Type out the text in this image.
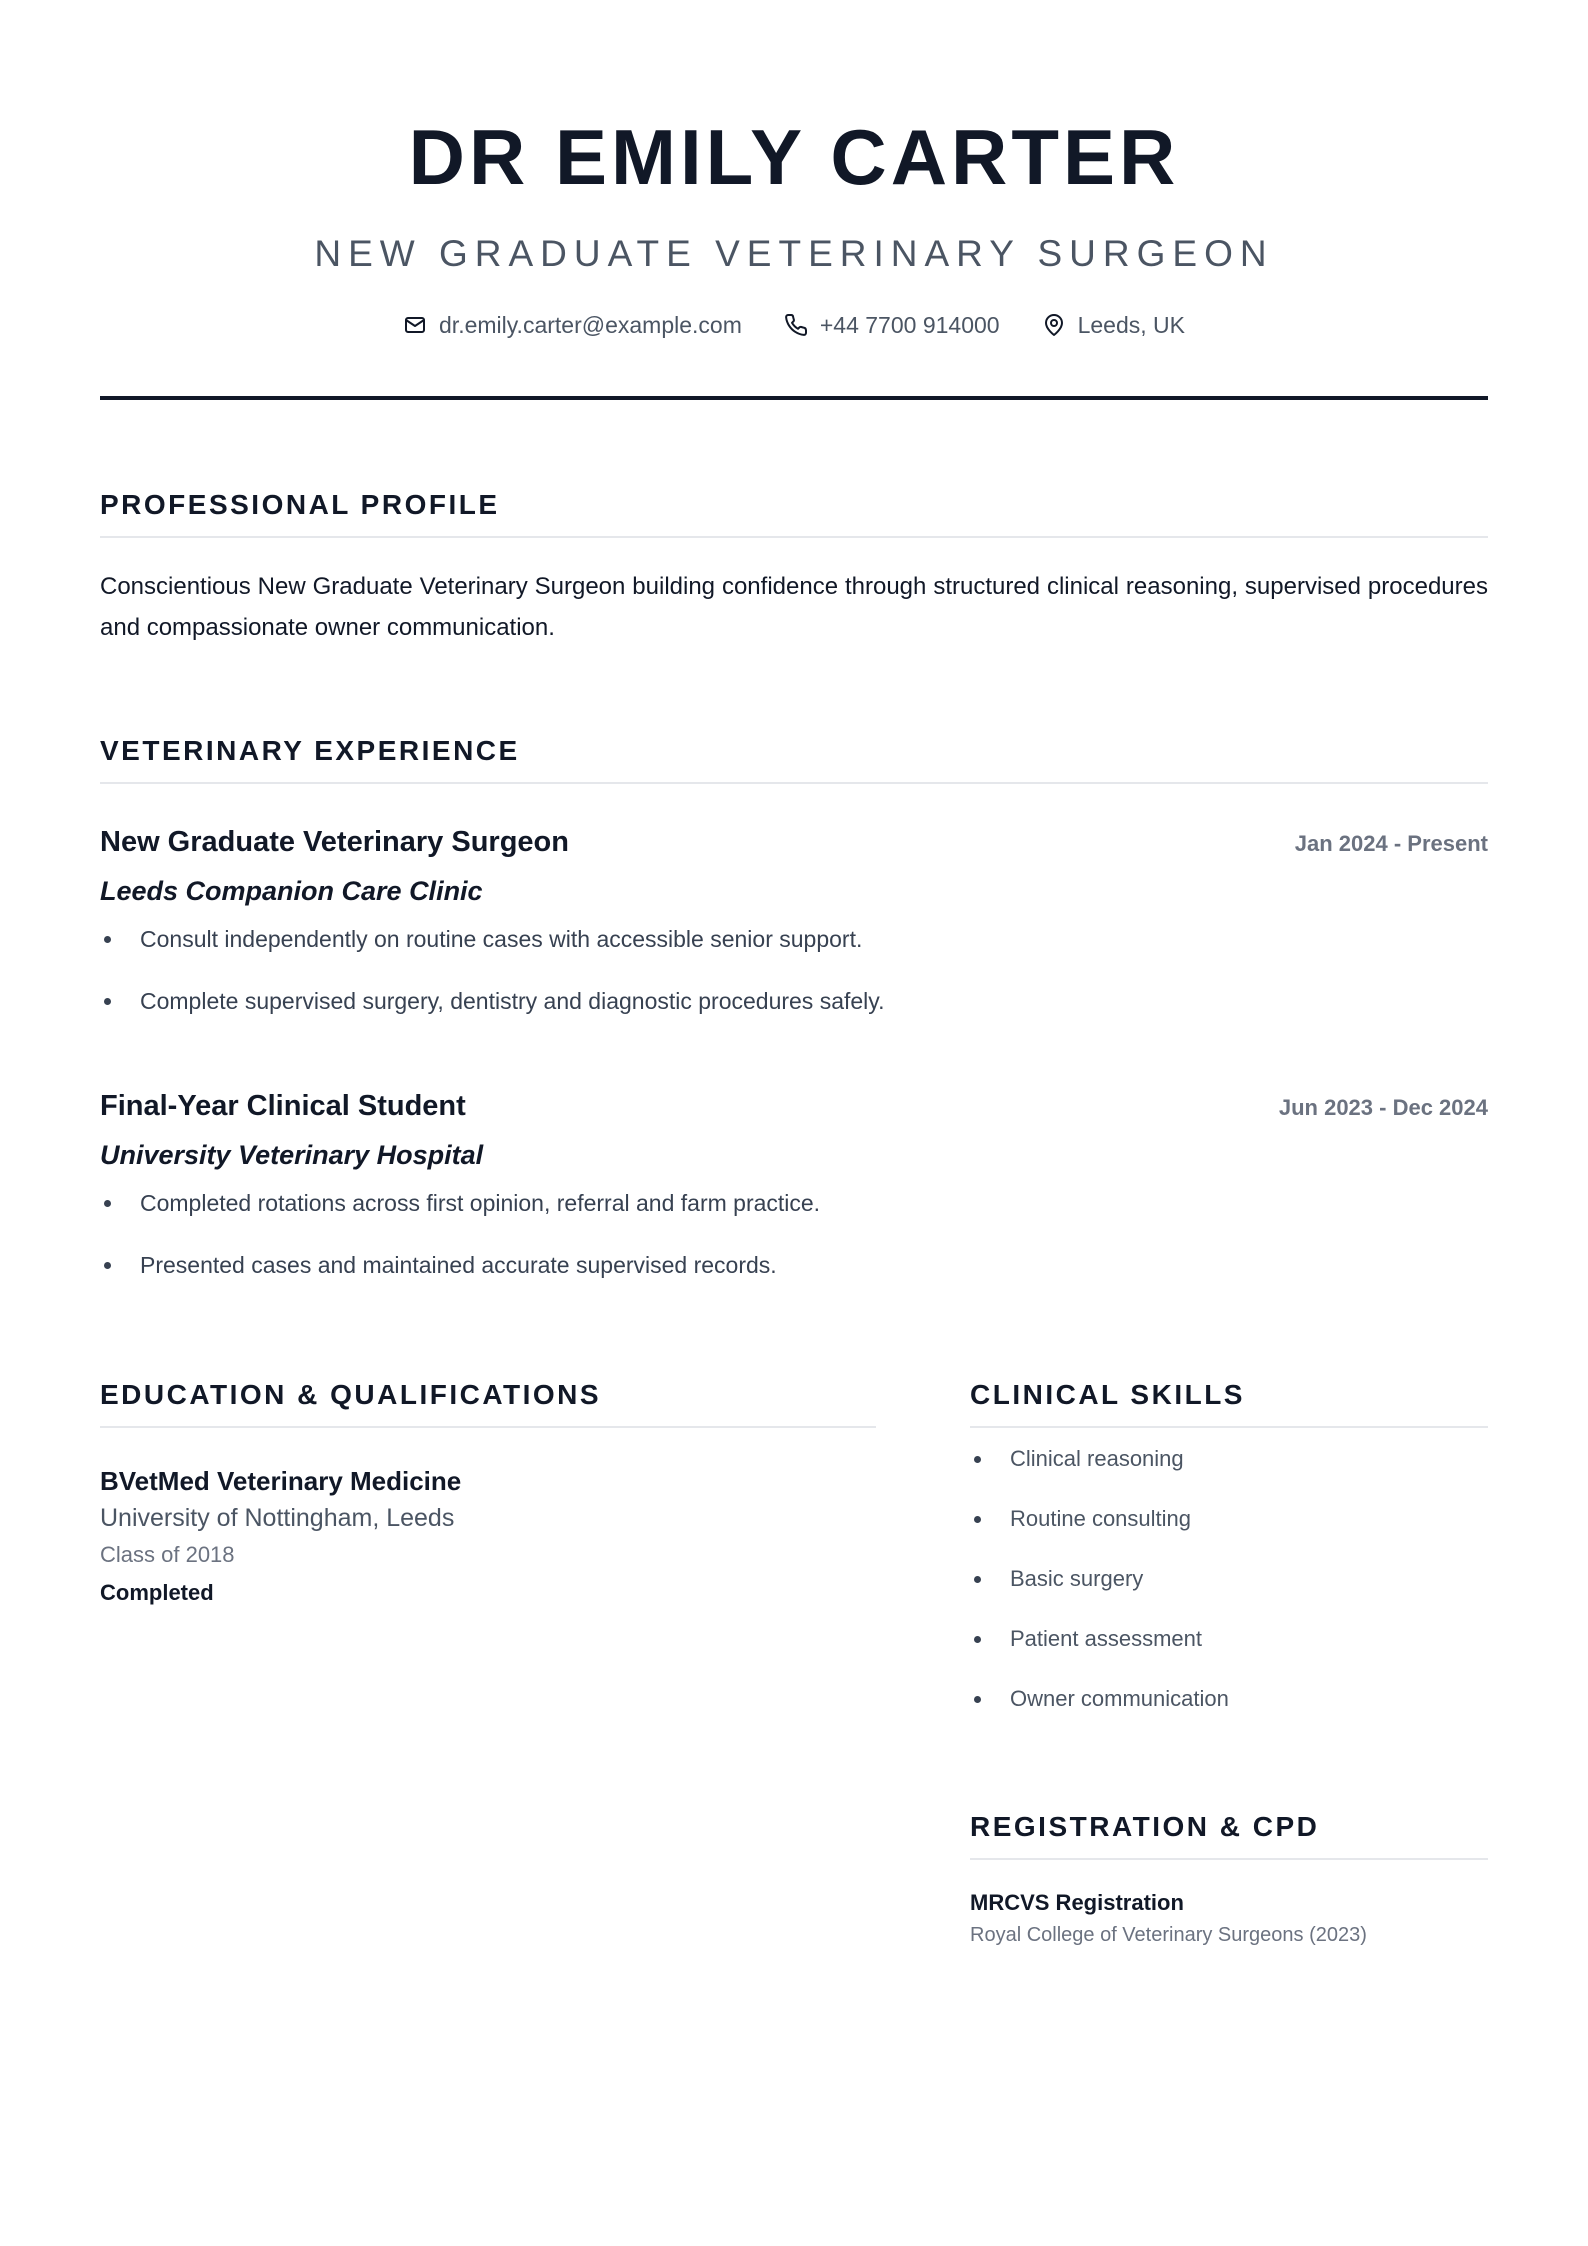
DR EMILY CARTER
NEW GRADUATE VETERINARY SURGEON
dr.emily.carter@example.com	+44 7700 914000	Leeds, UK
PROFESSIONAL PROFILE

Conscientious New Graduate Veterinary Surgeon building confidence through structured clinical reasoning, supervised procedures and compassionate owner communication.

VETERINARY EXPERIENCE
New Graduate Veterinary Surgeon	Jan 2024 - Present
Leeds Companion Care Clinic
Consult independently on routine cases with accessible senior support.
Complete supervised surgery, dentistry and diagnostic procedures safely.
Final-Year Clinical Student	Jun 2023 - Dec 2024
University Veterinary Hospital
Completed rotations across first opinion, referral and farm practice.
Presented cases and maintained accurate supervised records.
EDUCATION & QUALIFICATIONS
BVetMed Veterinary Medicine
University of Nottingham, Leeds
Class of 2018
Completed
CLINICAL SKILLS
Clinical reasoning
Routine consulting
Basic surgery
Patient assessment
Owner communication
REGISTRATION & CPD
MRCVS Registration
Royal College of Veterinary Surgeons (2023)
